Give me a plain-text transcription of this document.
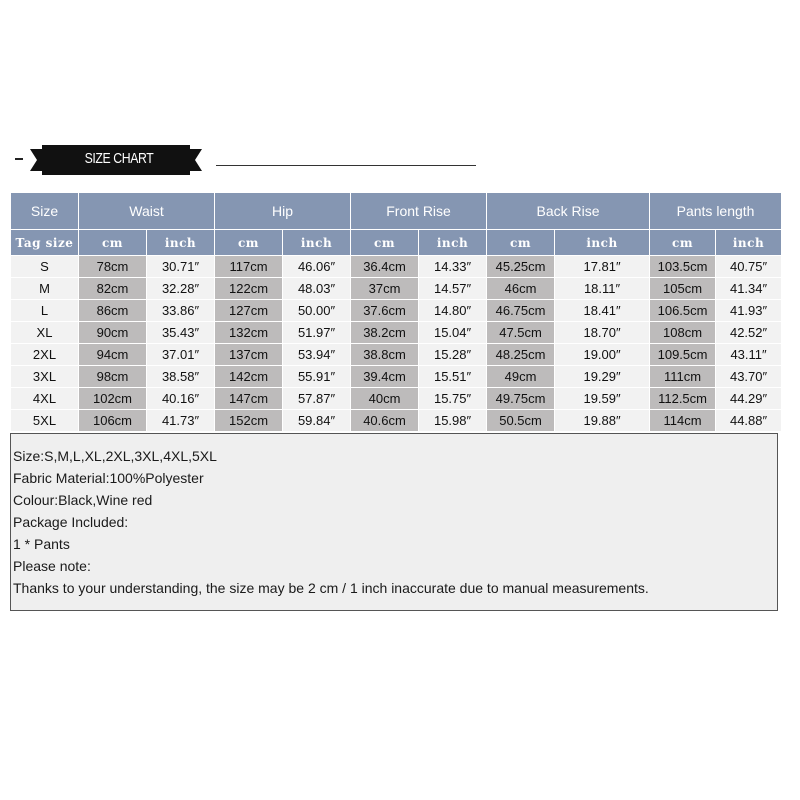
SIZE CHART
Size	Waist		Hip		Front Rise		Back Rise		Pants length	
Tag size	cm	inch	cm	inch	cm	inch	cm	inch	cm	inch
S	78cm	30.71″	117cm	46.06″	36.4cm	14.33″	45.25cm	17.81″	103.5cm	40.75″
M	82cm	32.28″	122cm	48.03″	37cm	14.57″	46cm	18.11″	105cm	41.34″
L	86cm	33.86″	127cm	50.00″	37.6cm	14.80″	46.75cm	18.41″	106.5cm	41.93″
XL	90cm	35.43″	132cm	51.97″	38.2cm	15.04″	47.5cm	18.70″	108cm	42.52″
2XL	94cm	37.01″	137cm	53.94″	38.8cm	15.28″	48.25cm	19.00″	109.5cm	43.11″
3XL	98cm	38.58″	142cm	55.91″	39.4cm	15.51″	49cm	19.29″	111cm	43.70″
4XL	102cm	40.16″	147cm	57.87″	40cm	15.75″	49.75cm	19.59″	112.5cm	44.29″
5XL	106cm	41.73″	152cm	59.84″	40.6cm	15.98″	50.5cm	19.88″	114cm	44.88″
Size:S,M,L,XL,2XL,3XL,4XL,5XL
Fabric Material:100%Polyester
Colour:Black,Wine red
Package Included:
1 * Pants
Please note:
Thanks to your understanding, the size may be 2 cm / 1 inch inaccurate due to manual measurements.
